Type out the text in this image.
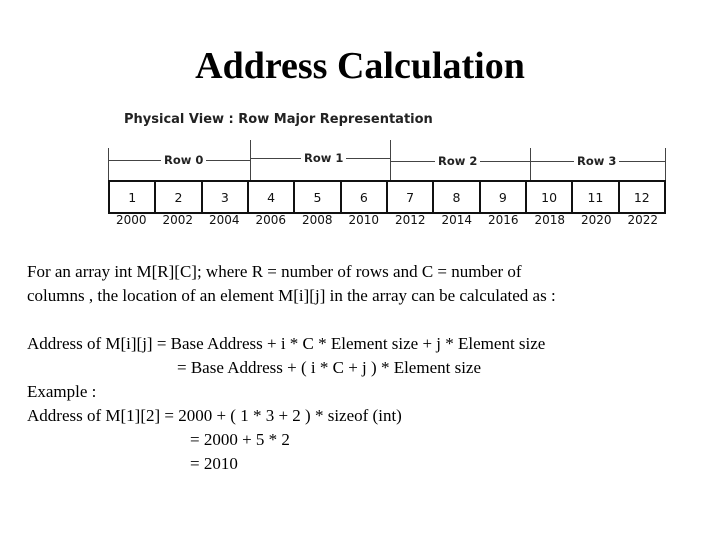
Address Calculation
Physical View : Row Major Representation
Row 0	Row 1	Row 2	Row 3
1	2	3	4	5	6	7	8	9	10	11	12
2000	2002	2004	2006	2008	2010	2012	2014	2016	2018	2020	2022
For an array int M[R][C]; where R = number of rows and C = number of
columns , the location of an element M[i][j] in the array can be calculated as :
Address of M[i][j] = Base Address + i * C * Element size + j * Element size
= Base Address + ( i * C + j ) * Element size
Example :
Address of M[1][2] = 2000 + ( 1 * 3 + 2 ) * sizeof (int)
= 2000 + 5 * 2
= 2010
